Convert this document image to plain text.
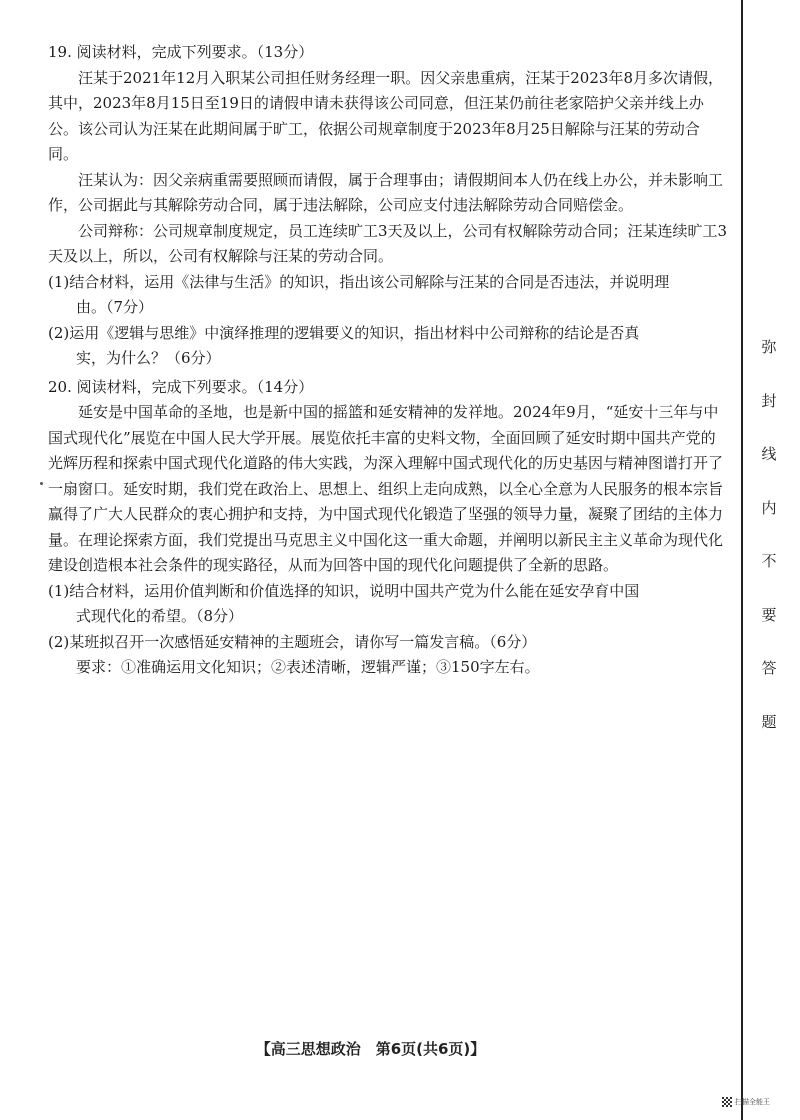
19. 阅读材料，完成下列要求。（13分）

汪某于2021年12月入职某公司担任财务经理一职。因父亲患重病，汪某于2023年8月多次请假，其中，2023年8月15日至19日的请假申请未获得该公司同意，但汪某仍前往老家陪护父亲并线上办公。该公司认为汪某在此期间属于旷工，依据公司规章制度于2023年8月25日解除与汪某的劳动合同。

汪某认为：因父亲病重需要照顾而请假，属于合理事由；请假期间本人仍在线上办公，并未影响工作，公司据此与其解除劳动合同，属于违法解除，公司应支付违法解除劳动合同赔偿金。

公司辩称：公司规章制度规定，员工连续旷工3天及以上，公司有权解除劳动合同；汪某连续旷工3天及以上，所以，公司有权解除与汪某的劳动合同。

(1)结合材料，运用《法律与生活》的知识，指出该公司解除与汪某的合同是否违法，并说明理

由。（7分）

(2)运用《逻辑与思维》中演绎推理的逻辑要义的知识，指出材料中公司辩称的结论是否真

实，为什么？（6分）

20. 阅读材料，完成下列要求。（14分）

延安是中国革命的圣地，也是新中国的摇篮和延安精神的发祥地。2024年9月，“延安十三年与中国式现代化”展览在中国人民大学开展。展览依托丰富的史料文物，全面回顾了延安时期中国共产党的光辉历程和探索中国式现代化道路的伟大实践，为深入理解中国式现代化的历史基因与精神图谱打开了一扇窗口。延安时期，我们党在政治上、思想上、组织上走向成熟，以全心全意为人民服务的根本宗旨赢得了广大人民群众的衷心拥护和支持，为中国式现代化锻造了坚强的领导力量，凝聚了团结的主体力量。在理论探索方面，我们党提出马克思主义中国化这一重大命题，并阐明以新民主主义革命为现代化建设创造根本社会条件的现实路径，从而为回答中国的现代化问题提供了全新的思路。

(1)结合材料，运用价值判断和价值选择的知识，说明中国共产党为什么能在延安孕育中国

式现代化的希望。（8分）

(2)某班拟召开一次感悟延安精神的主题班会，请你写一篇发言稿。（6分）

要求：①准确运用文化知识；②表述清晰，逻辑严谨；③150字左右。

弥
封
线
内
不
要
答
题
【高三思想政治　第6页(共6页)】
扫描全能王
